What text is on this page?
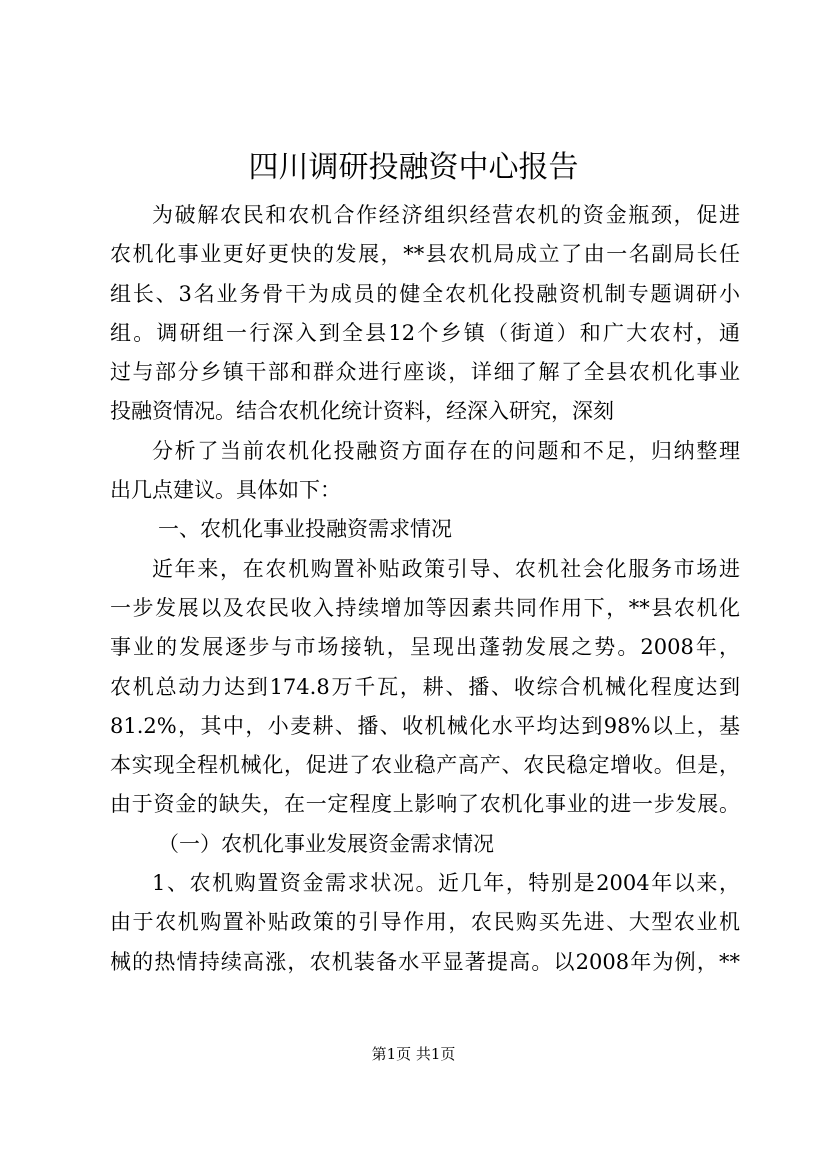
四川调研投融资中心报告
为破解农民和农机合作经济组织经营农机的资金瓶颈，促进
农机化事业更好更快的发展，**县农机局成立了由一名副局长任
组长、3名业务骨干为成员的健全农机化投融资机制专题调研小
组。调研组一行深入到全县12个乡镇（街道）和广大农村，通
过与部分乡镇干部和群众进行座谈，详细了解了全县农机化事业
投融资情况。结合农机化统计资料，经深入研究，深刻
分析了当前农机化投融资方面存在的问题和不足，归纳整理
出几点建议。具体如下：
一、农机化事业投融资需求情况
近年来，在农机购置补贴政策引导、农机社会化服务市场进
一步发展以及农民收入持续增加等因素共同作用下，**县农机化
事业的发展逐步与市场接轨，呈现出蓬勃发展之势。2008年，
农机总动力达到174.8万千瓦，耕、播、收综合机械化程度达到
81.2%，其中，小麦耕、播、收机械化水平均达到98%以上，基
本实现全程机械化，促进了农业稳产高产、农民稳定增收。但是，
由于资金的缺失，在一定程度上影响了农机化事业的进一步发展。
（一）农机化事业发展资金需求情况
1、农机购置资金需求状况。近几年，特别是2004年以来，
由于农机购置补贴政策的引导作用，农民购买先进、大型农业机
械的热情持续高涨，农机装备水平显著提高。以2008年为例，**
第1页 共1页
